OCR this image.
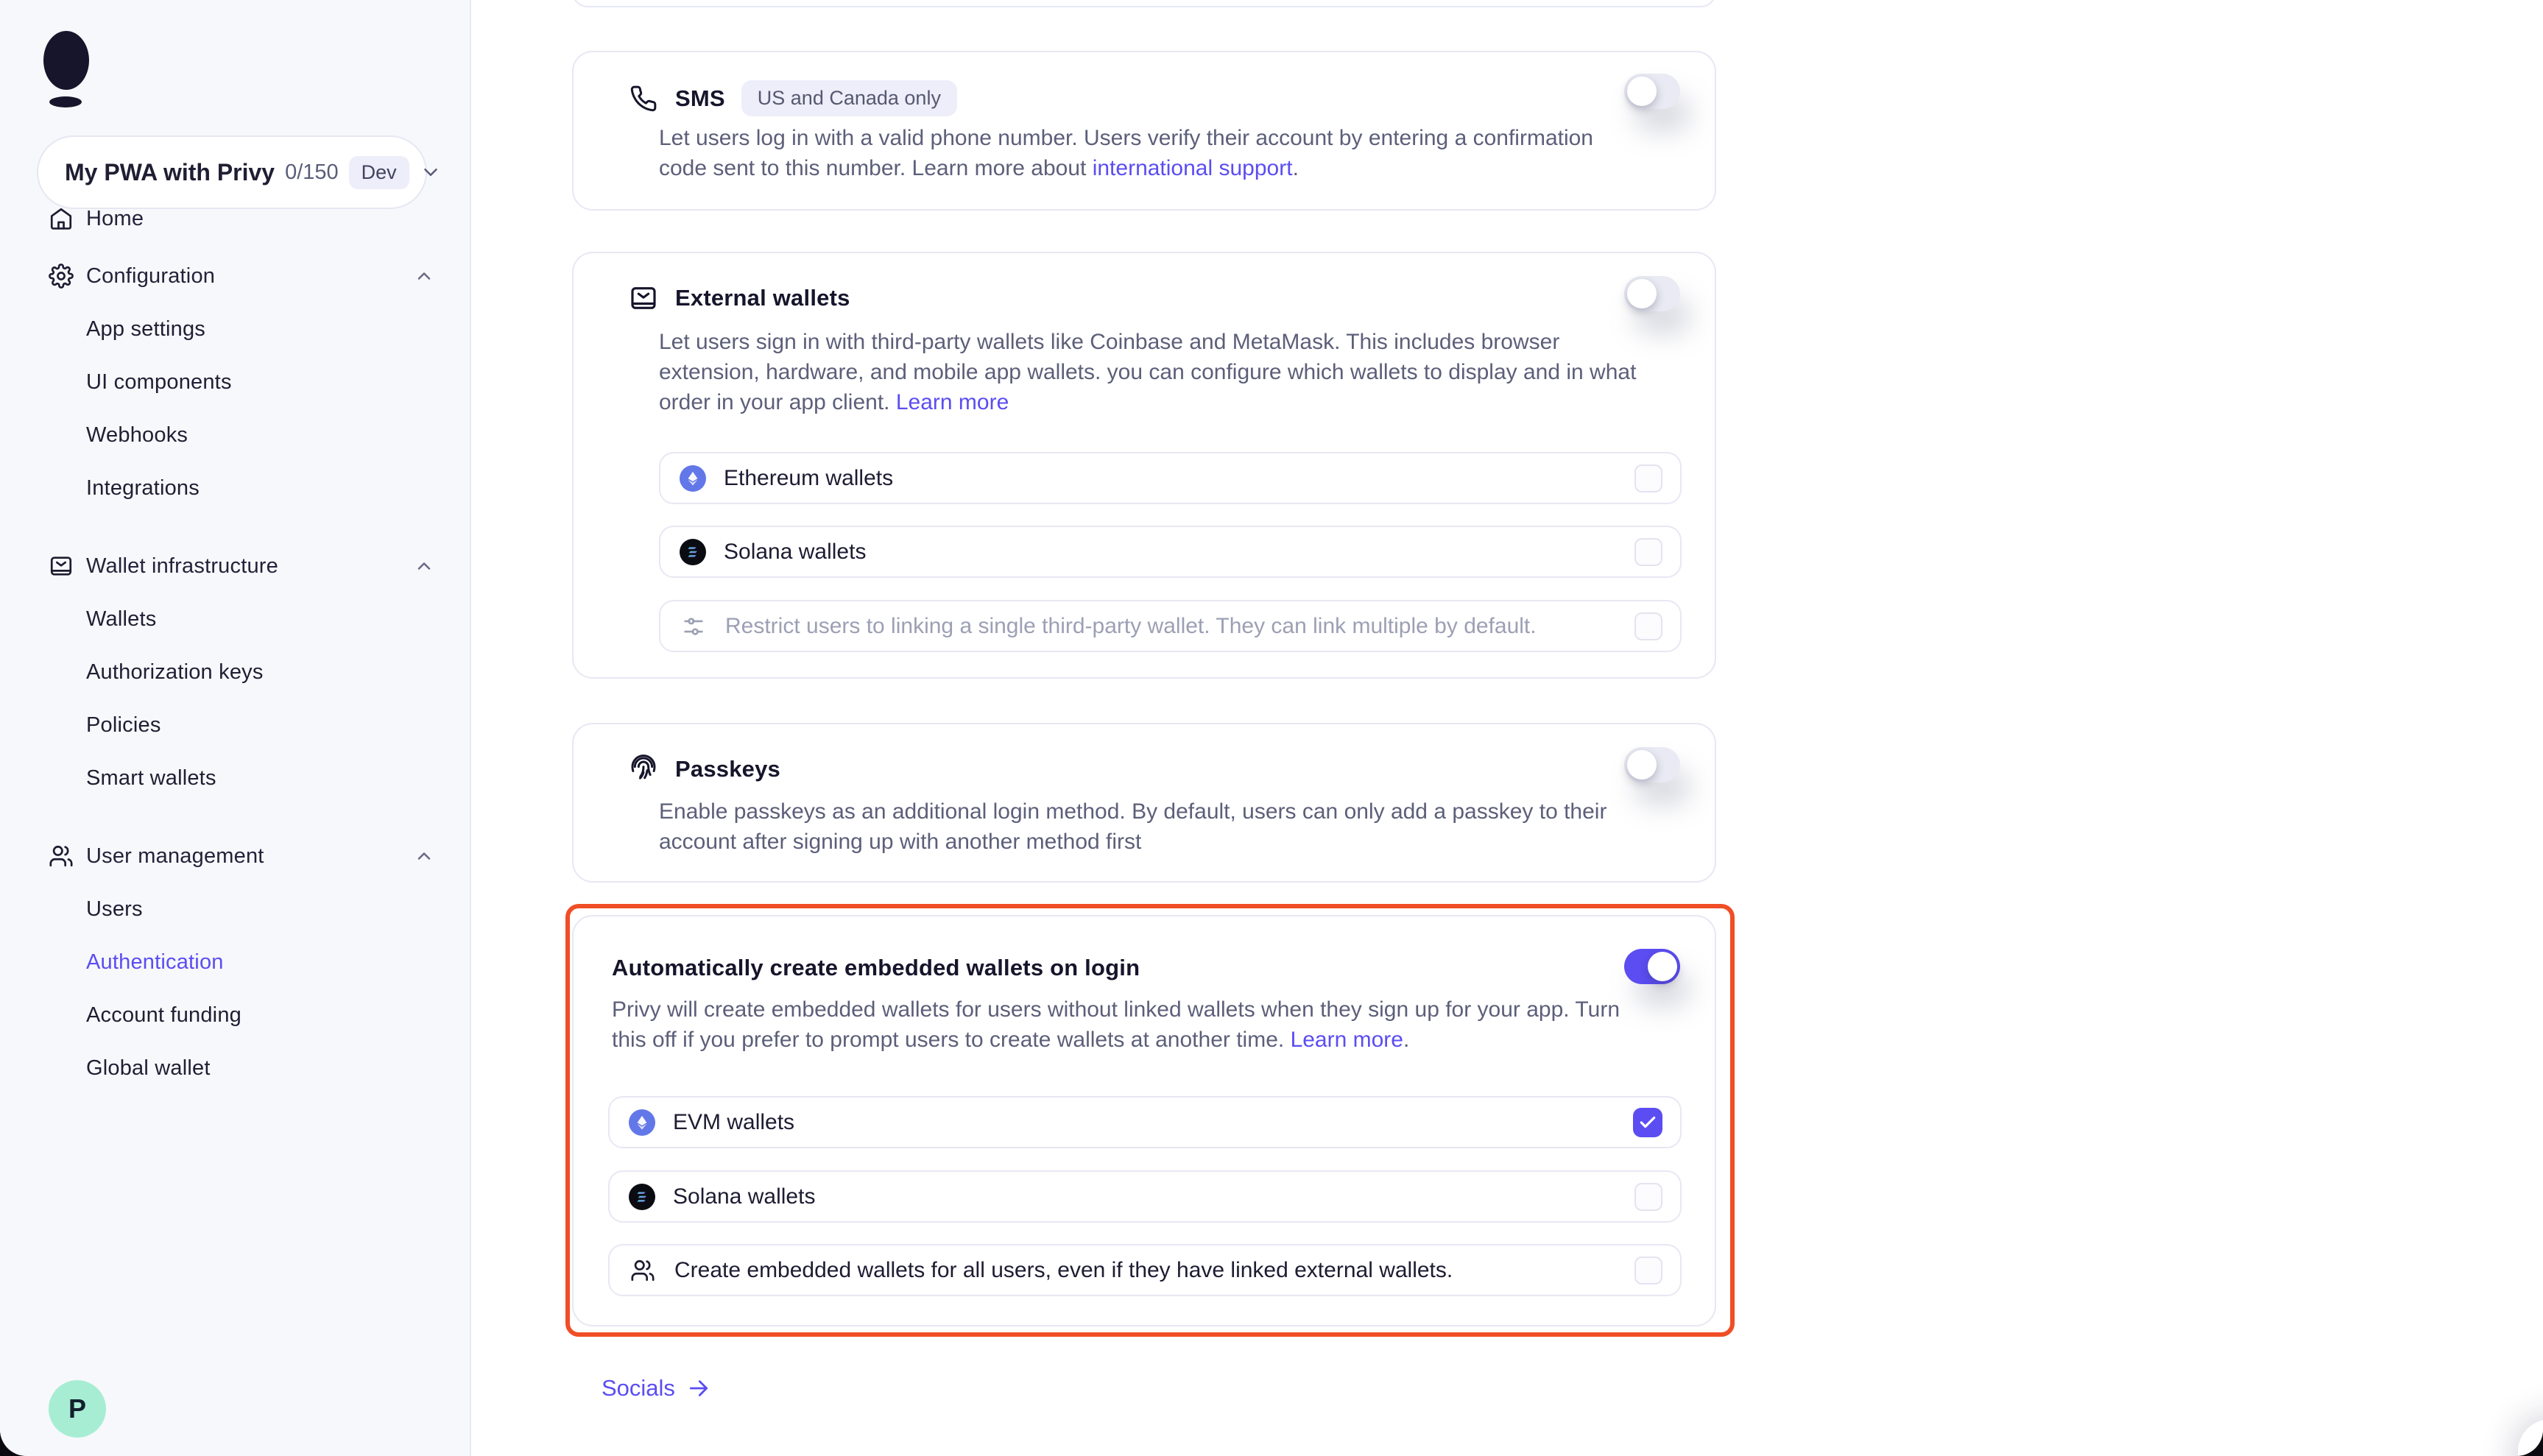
My PWA with Privy 0/150	Dev
Home
Configuration
App settings
UI components
Webhooks
Integrations
Wallet infrastructure
Wallets
Authorization keys
Policies
Smart wallets
User management
Users
Authentication
Account funding
Global wallet
P
SMS	US and Canada only
Let users log in with a valid phone number. Users verify their account by entering a confirmation code sent to this number. Learn more about international support.
External wallets
Let users sign in with third-party wallets like Coinbase and MetaMask. This includes browser extension, hardware, and mobile app wallets. you can configure which wallets to display and in what order in your app client. Learn more
Ethereum wallets
Solana wallets
Restrict users to linking a single third-party wallet. They can link multiple by default.
Passkeys
Enable passkeys as an additional login method. By default, users can only add a passkey to their account after signing up with another method first
Automatically create embedded wallets on login
Privy will create embedded wallets for users without linked wallets when they sign up for your app. Turn this off if you prefer to prompt users to create wallets at another time. Learn more.
EVM wallets
Solana wallets
Create embedded wallets for all users, even if they have linked external wallets.
Socials
